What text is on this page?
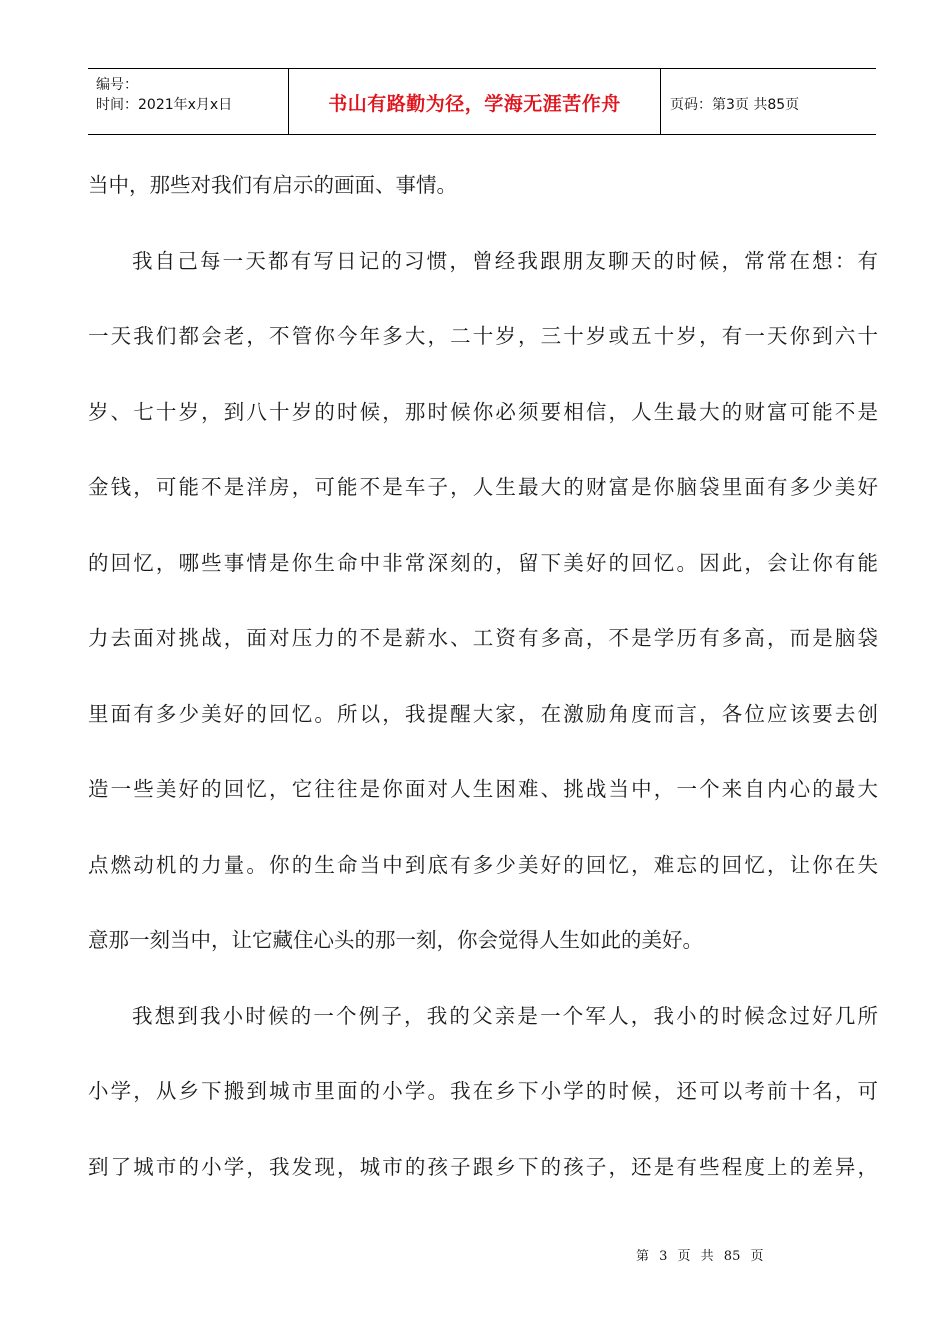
编号：
时间：2021年x月x日	书山有路勤为径，学海无涯苦作舟	页码：第3页 共85页
当中，那些对我们有启示的画面、事情。
我自己每一天都有写日记的习惯，曾经我跟朋友聊天的时候，常常在想：有
一天我们都会老，不管你今年多大，二十岁，三十岁或五十岁，有一天你到六十
岁、七十岁，到八十岁的时候，那时候你必须要相信，人生最大的财富可能不是
金钱，可能不是洋房，可能不是车子，人生最大的财富是你脑袋里面有多少美好
的回忆，哪些事情是你生命中非常深刻的，留下美好的回忆。因此，会让你有能
力去面对挑战，面对压力的不是薪水、工资有多高，不是学历有多高，而是脑袋
里面有多少美好的回忆。所以，我提醒大家，在激励角度而言，各位应该要去创
造一些美好的回忆，它往往是你面对人生困难、挑战当中，一个来自内心的最大
点燃动机的力量。你的生命当中到底有多少美好的回忆，难忘的回忆，让你在失
意那一刻当中，让它藏住心头的那一刻，你会觉得人生如此的美好。
我想到我小时候的一个例子，我的父亲是一个军人，我小的时候念过好几所
小学，从乡下搬到城市里面的小学。我在乡下小学的时候，还可以考前十名，可
到了城市的小学，我发现，城市的孩子跟乡下的孩子，还是有些程度上的差异，
第 3 页 共 85 页
